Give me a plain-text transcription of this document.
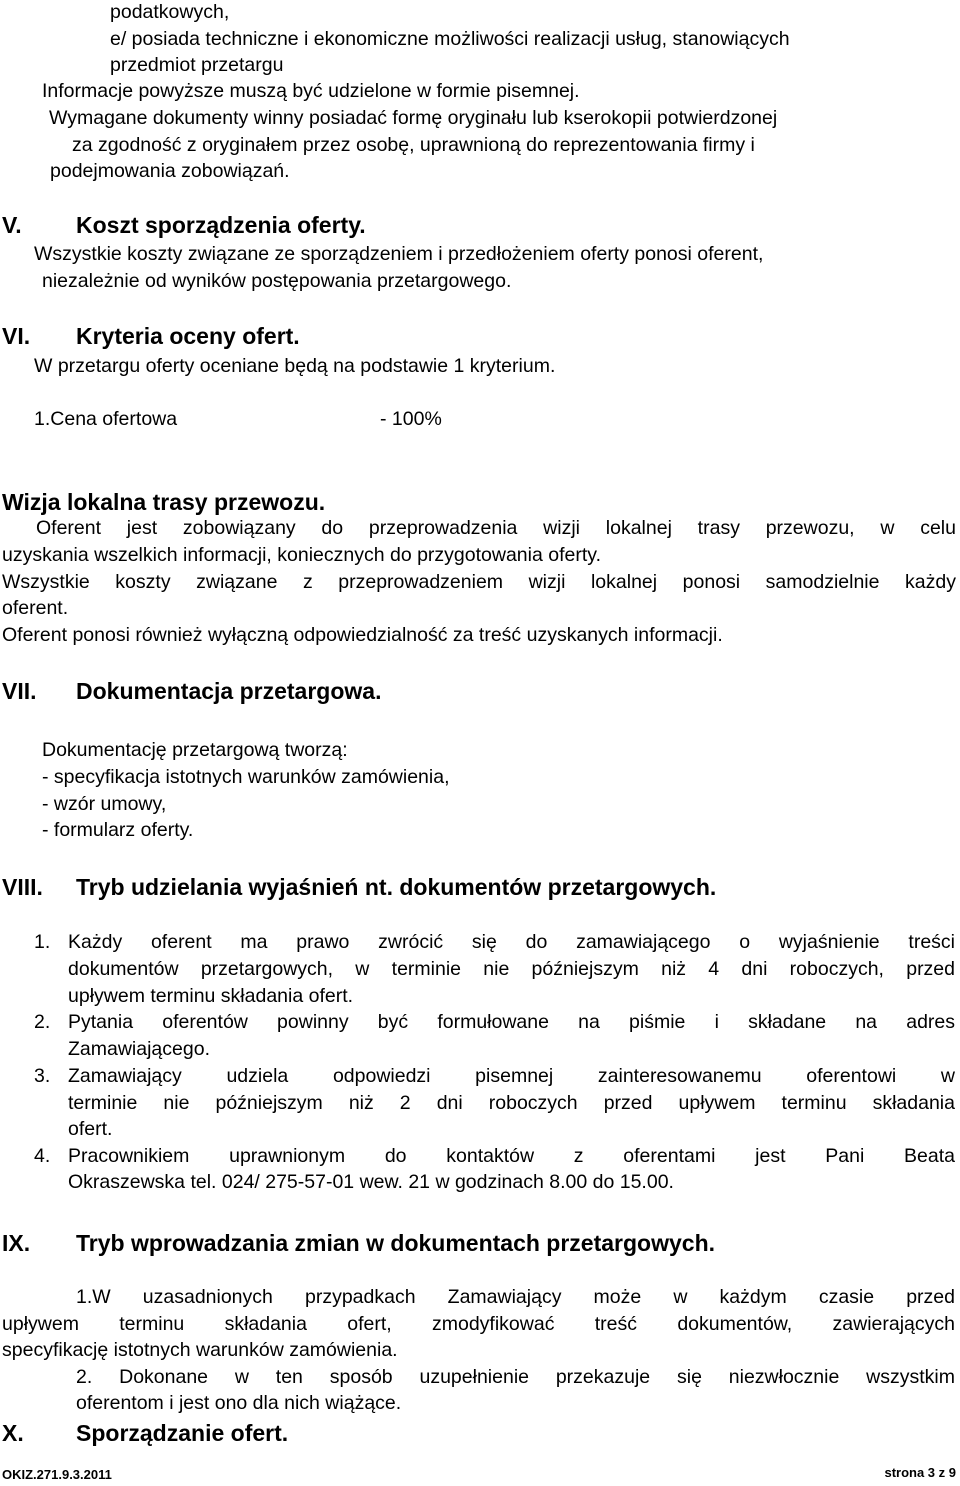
podatkowych,
e/ posiada techniczne i ekonomiczne możliwości realizacji usług, stanowiących
przedmiot przetargu
Informacje powyższe muszą być udzielone w formie pisemnej.
Wymagane dokumenty winny posiadać formę oryginału lub kserokopii potwierdzonej
za zgodność z oryginałem przez osobę, uprawnioną do reprezentowania firmy i
podejmowania zobowiązań.
V. Koszt sporządzenia oferty.
Wszystkie koszty związane ze sporządzeniem i przedłożeniem oferty ponosi oferent,
niezależnie od wyników postępowania przetargowego.
VI. Kryteria oceny ofert.
W przetargu oferty oceniane będą na podstawie 1 kryterium.
1.Cena ofertowa	- 100%
Wizja lokalna trasy przewozu.
Oferent jest zobowiązany do przeprowadzenia wizji lokalnej trasy przewozu, w celu
uzyskania wszelkich informacji, koniecznych do przygotowania oferty.
Wszystkie koszty związane z przeprowadzeniem wizji lokalnej ponosi samodzielnie każdy
oferent.
Oferent ponosi również wyłączną odpowiedzialność za treść uzyskanych informacji.
VII. Dokumentacja przetargowa.
Dokumentację przetargową tworzą:
- specyfikacja istotnych warunków zamówienia,
- wzór umowy,
- formularz oferty.
VIII. Tryb udzielania wyjaśnień nt. dokumentów przetargowych.
1. Każdy oferent ma prawo zwrócić się do zamawiającego o wyjaśnienie treści
dokumentów przetargowych, w terminie nie późniejszym niż 4 dni roboczych, przed
upływem terminu składania ofert.
2. Pytania oferentów powinny być formułowane na piśmie i składane na adres
Zamawiającego.
3. Zamawiający udziela odpowiedzi pisemnej zainteresowanemu oferentowi w
terminie nie późniejszym niż 2 dni roboczych przed upływem terminu składania
ofert.
4. Pracownikiem uprawnionym do kontaktów z oferentami jest Pani Beata
Okraszewska tel. 024/ 275-57-01 wew. 21 w godzinach 8.00 do 15.00.
IX. Tryb wprowadzania zmian w dokumentach przetargowych.
1.W uzasadnionych przypadkach Zamawiający może w każdym czasie przed
upływem terminu składania ofert, zmodyfikować treść dokumentów, zawierających
specyfikację istotnych warunków zamówienia.
2. Dokonane w ten sposób uzupełnienie przekazuje się niezwłocznie wszystkim
oferentom i jest ono dla nich wiążące.
X. Sporządzanie ofert.
OKIZ.271.9.3.2011	strona 3 z 9
